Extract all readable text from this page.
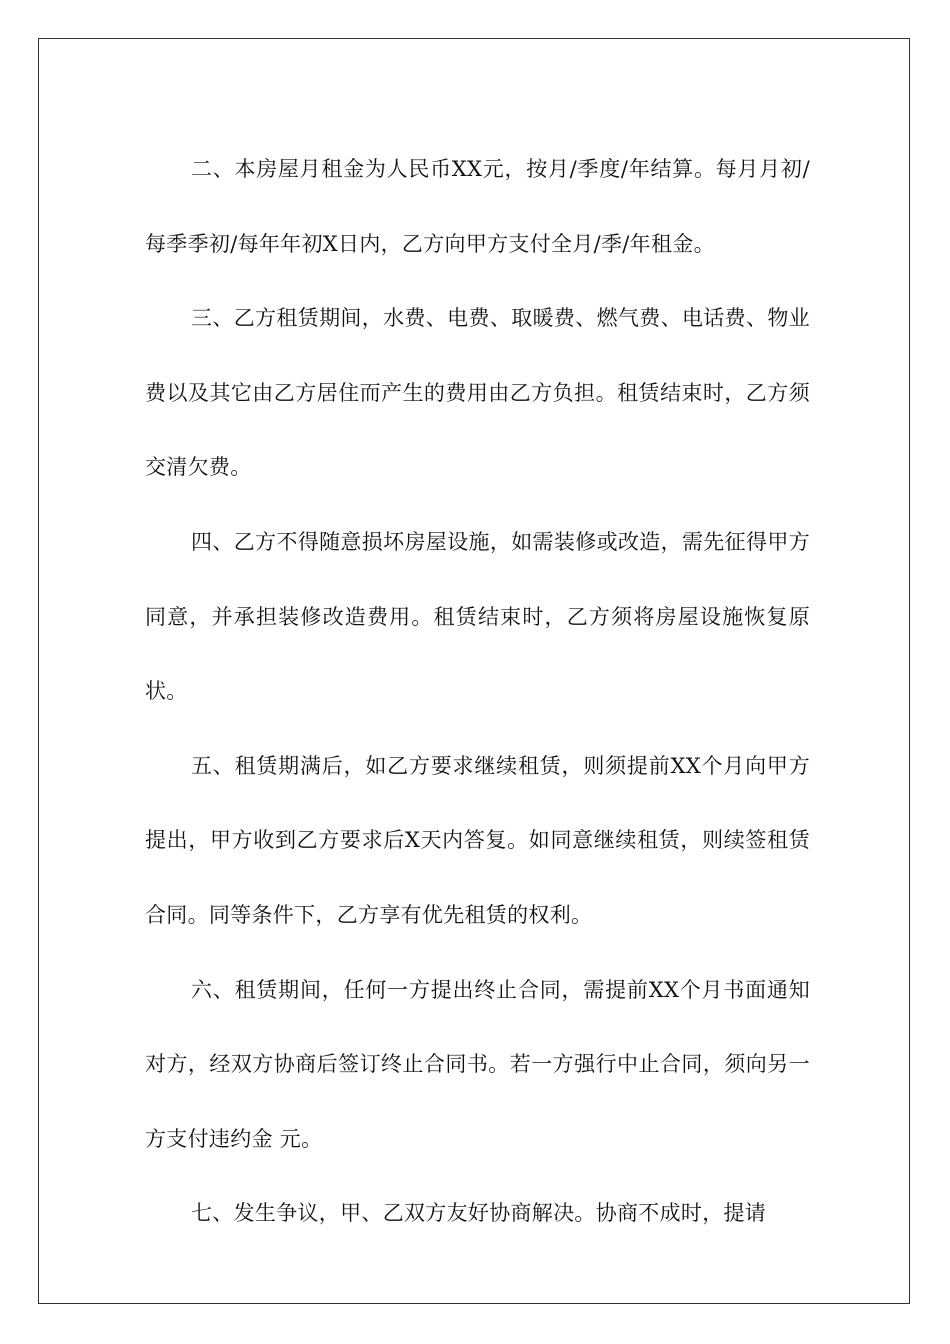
二、本房屋月租金为人民币XX元，按月/季度/年结算。每月月初/每季季初/每年年初X日内，乙方向甲方支付全月/季/年租金。

三、乙方租赁期间，水费、电费、取暖费、燃气费、电话费、物业费以及其它由乙方居住而产生的费用由乙方负担。租赁结束时，乙方须交清欠费。

四、乙方不得随意损坏房屋设施，如需装修或改造，需先征得甲方同意，并承担装修改造费用。租赁结束时，乙方须将房屋设施恢复原状。

五、租赁期满后，如乙方要求继续租赁，则须提前XX个月向甲方提出，甲方收到乙方要求后X天内答复。如同意继续租赁，则续签租赁合同。同等条件下，乙方享有优先租赁的权利。

六、租赁期间，任何一方提出终止合同，需提前XX个月书面通知对方，经双方协商后签订终止合同书。若一方强行中止合同，须向另一方支付违约金 元。

七、发生争议，甲、乙双方友好协商解决。协商不成时，提请
